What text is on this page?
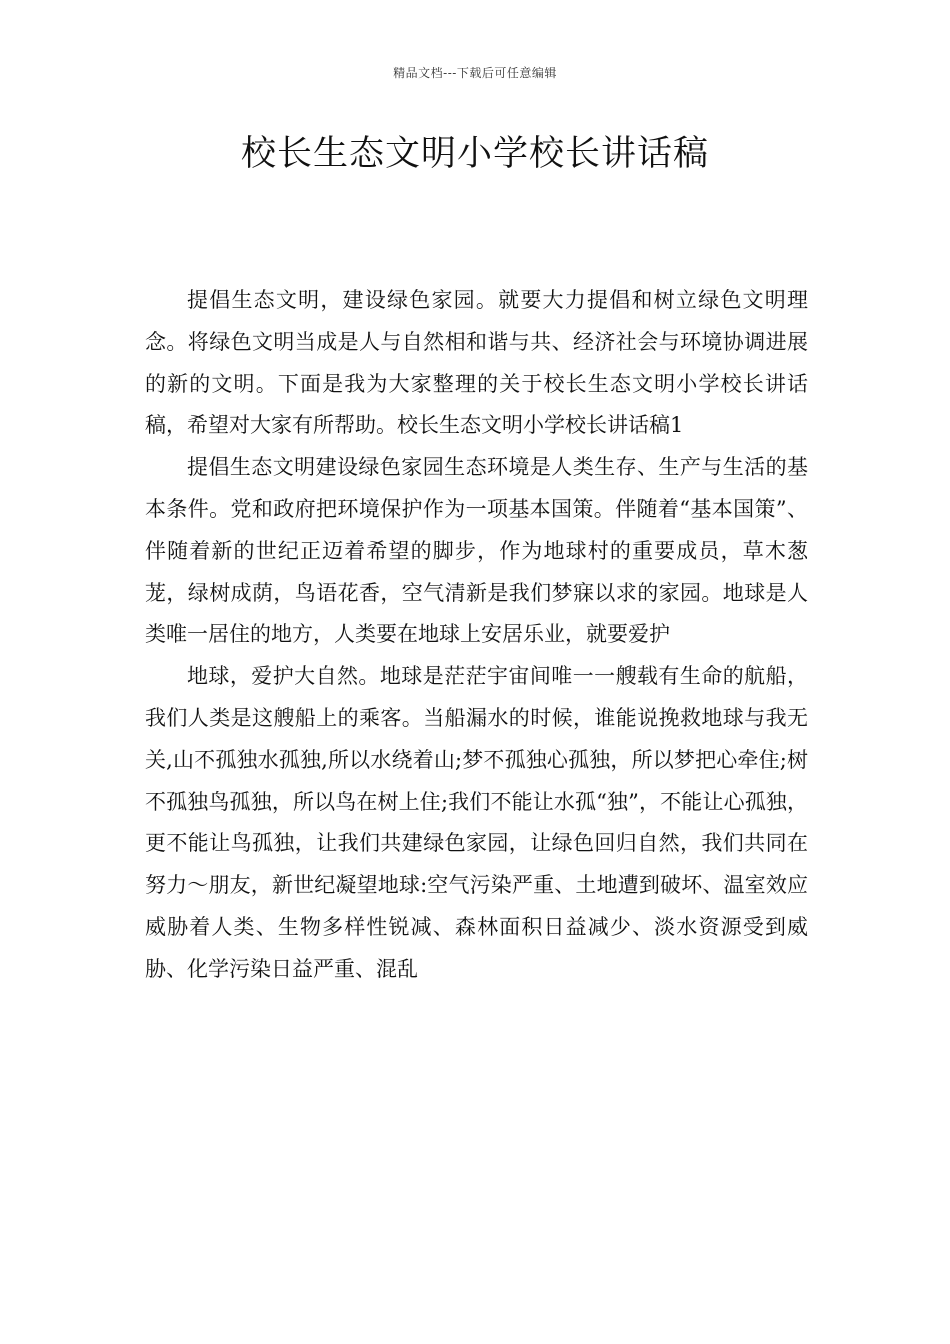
精品文档---下载后可任意编辑
校长生态文明小学校长讲话稿

提倡生态文明，建设绿色家园。就要大力提倡和树立绿色文明理念。将绿色文明当成是人与自然相和谐与共、经济社会与环境协调进展的新的文明。下面是我为大家整理的关于校长生态文明小学校长讲话稿，希望对大家有所帮助。校长生态文明小学校长讲话稿1

提倡生态文明建设绿色家园生态环境是人类生存、生产与生活的基本条件。党和政府把环境保护作为一项基本国策。伴随着“基本国策”、伴随着新的世纪正迈着希望的脚步，作为地球村的重要成员，草木葱茏，绿树成荫，鸟语花香，空气清新是我们梦寐以求的家园。地球是人类唯一居住的地方，人类要在地球上安居乐业，就要爱护

地球，爱护大自然。地球是茫茫宇宙间唯一一艘载有生命的航船，我们人类是这艘船上的乘客。当船漏水的时候，谁能说挽救地球与我无关,山不孤独水孤独,所以水绕着山;梦不孤独心孤独，所以梦把心牵住;树不孤独鸟孤独，所以鸟在树上住;我们不能让水孤“独”，不能让心孤独，更不能让鸟孤独，让我们共建绿色家园，让绿色回归自然，我们共同在努力～朋友，新世纪凝望地球:空气污染严重、土地遭到破坏、温室效应威胁着人类、生物多样性锐减、森林面积日益减少、淡水资源受到威胁、化学污染日益严重、混乱
